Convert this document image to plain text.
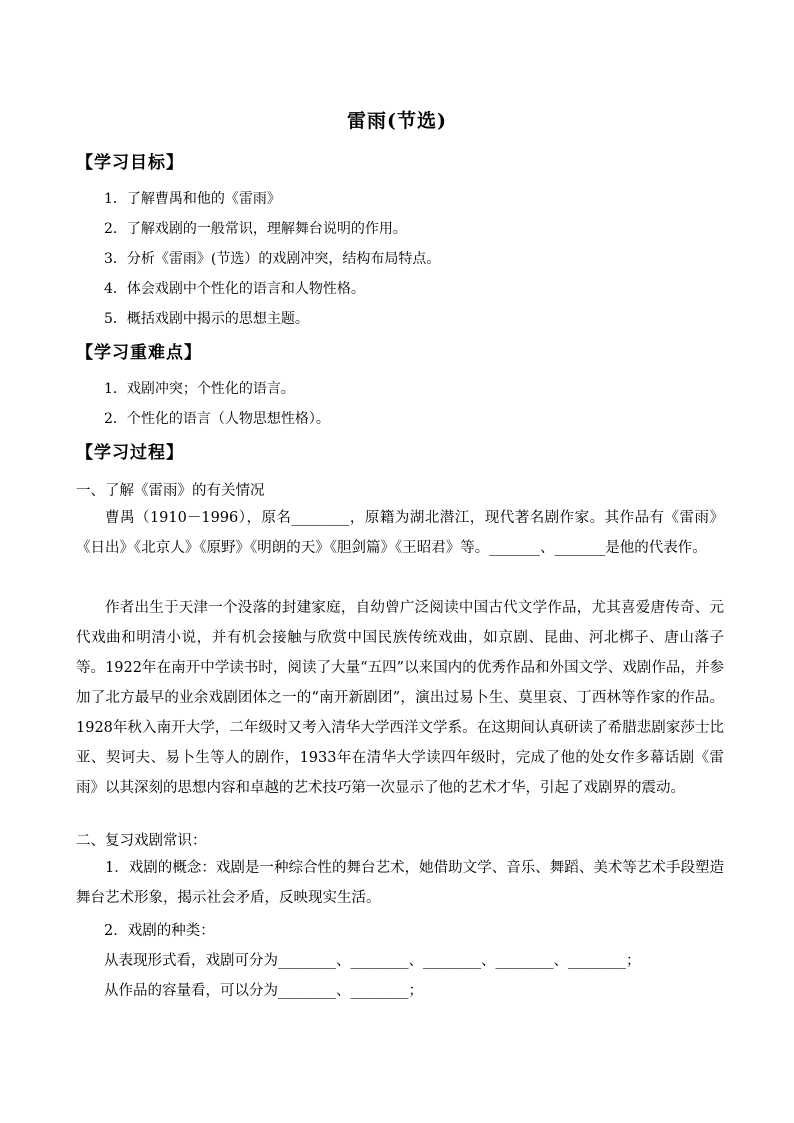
雷雨(节选)
【学习目标】
1．了解曹禺和他的《雷雨》
2．了解戏剧的一般常识，理解舞台说明的作用。
3．分析《雷雨》(节选）的戏剧冲突，结构布局特点。
4．体会戏剧中个性化的语言和人物性格。
5．概括戏剧中揭示的思想主题。
【学习重难点】
1．戏剧冲突；个性化的语言。
2．个性化的语言（人物思想性格）。
【学习过程】
一、了解《雷雨》的有关情况
曹禺（1910－1996），原名________，原籍为湖北潜江，现代著名剧作家。其作品有《雷雨》《日出》《北京人》《原野》《明朗的天》《胆剑篇》《王昭君》等。_______、_______是他的代表作。
作者出生于天津一个没落的封建家庭，自幼曾广泛阅读中国古代文学作品，尤其喜爱唐传奇、元代戏曲和明清小说，并有机会接触与欣赏中国民族传统戏曲，如京剧、昆曲、河北梆子、唐山落子等。1922年在南开中学读书时，阅读了大量“五四”以来国内的优秀作品和外国文学、戏剧作品，并参加了北方最早的业余戏剧团体之一的“南开新剧团”，演出过易卜生、莫里哀、丁西林等作家的作品。1928年秋入南开大学，二年级时又考入清华大学西洋文学系。在这期间认真研读了希腊悲剧家莎士比亚、契诃夫、易卜生等人的剧作，1933年在清华大学读四年级时，完成了他的处女作多幕话剧《雷雨》以其深刻的思想内容和卓越的艺术技巧第一次显示了他的艺术才华，引起了戏剧界的震动。
二、复习戏剧常识：
1．戏剧的概念：戏剧是一种综合性的舞台艺术，她借助文学、音乐、舞蹈、美术等艺术手段塑造舞台艺术形象，揭示社会矛盾，反映现实生活。
2．戏剧的种类：
从表现形式看，戏剧可分为________、________、________、________、________；
从作品的容量看，可以分为________、________；
